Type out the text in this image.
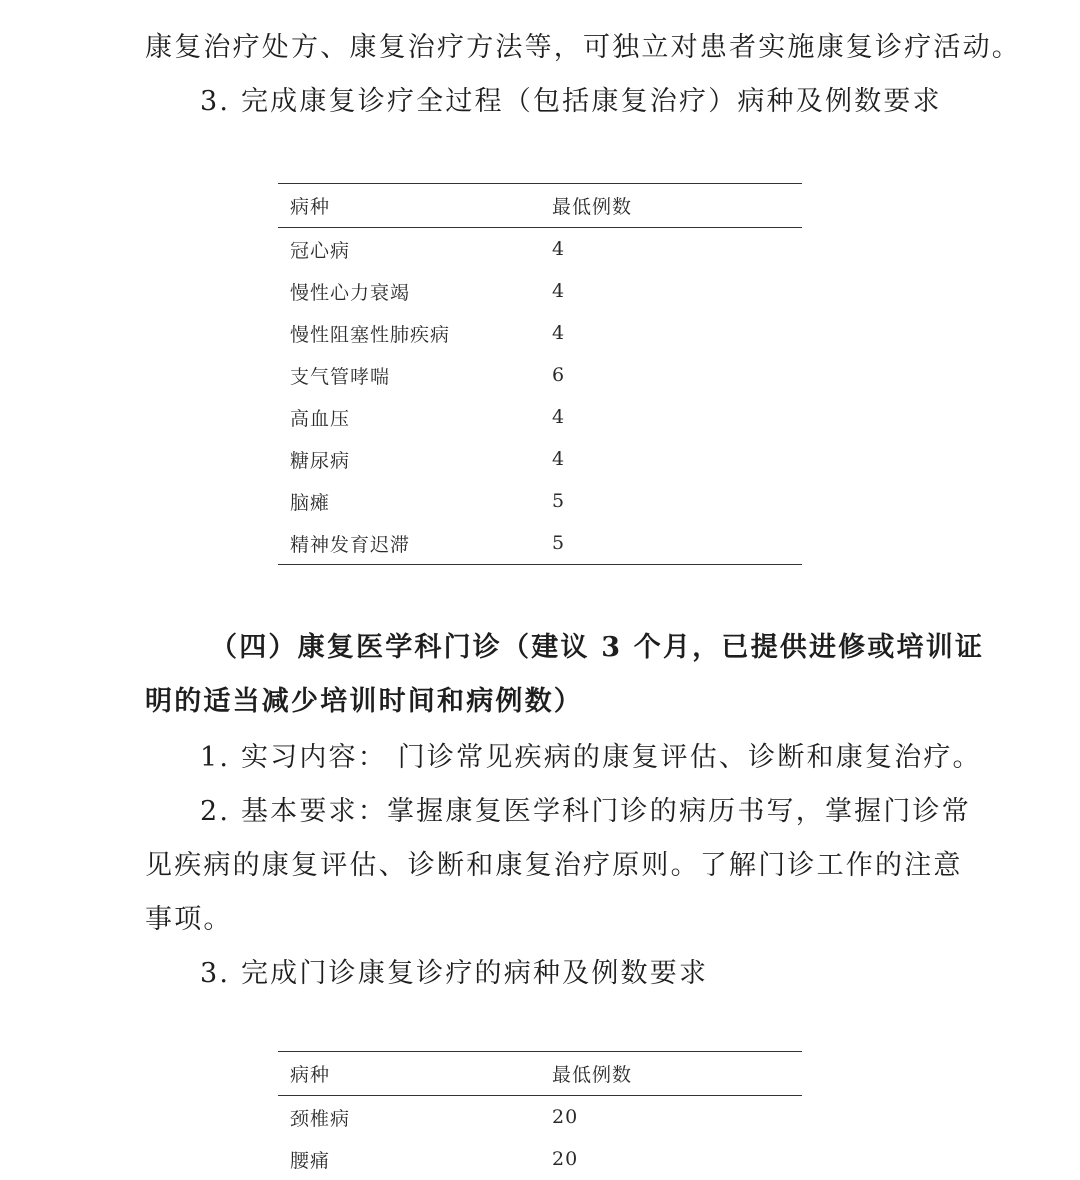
康复治疗处方、康复治疗方法等，可独立对患者实施康复诊疗活动。

3. 完成康复诊疗全过程（包括康复治疗）病种及例数要求

病种	最低例数
冠心病	4
慢性心力衰竭	4
慢性阻塞性肺疾病	4
支气管哮喘	6
高血压	4
糖尿病	4
脑瘫	5
精神发育迟滞	5

（四）康复医学科门诊（建议 3 个月，已提供进修或培训证

明的适当减少培训时间和病例数）

1. 实习内容： 门诊常见疾病的康复评估、诊断和康复治疗。

2. 基本要求：掌握康复医学科门诊的病历书写，掌握门诊常

见疾病的康复评估、诊断和康复治疗原则。了解门诊工作的注意

事项。

3. 完成门诊康复诊疗的病种及例数要求

病种	最低例数
颈椎病	20
腰痛	20
